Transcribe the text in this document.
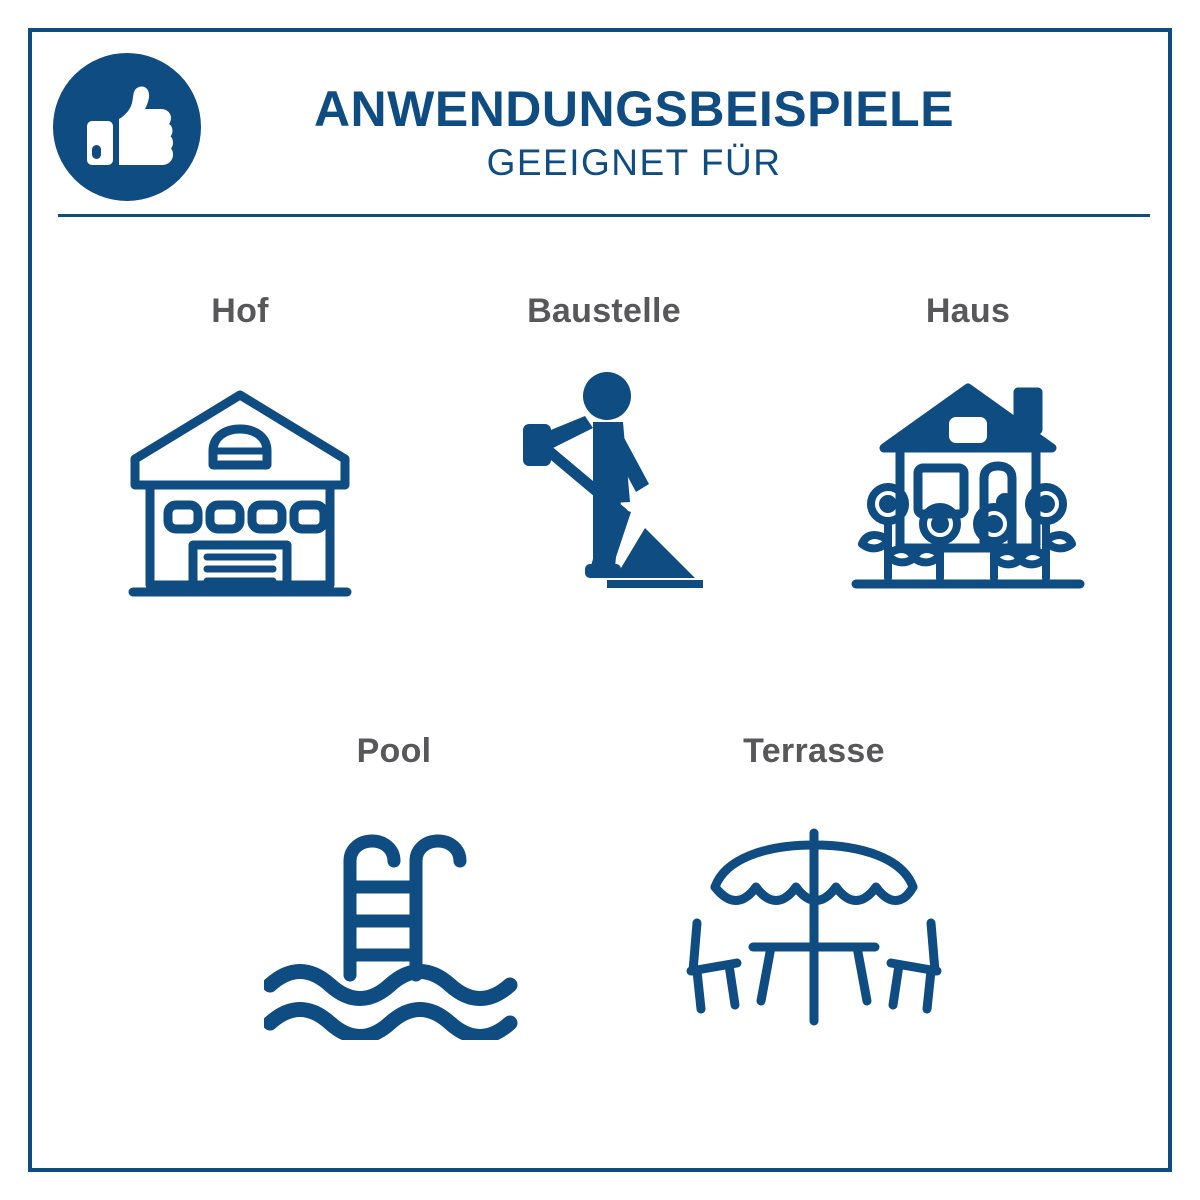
ANWENDUNGSBEISPIELE
GEEIGNET FÜR
Hof	Baustelle	Haus
Pool	Terrasse
